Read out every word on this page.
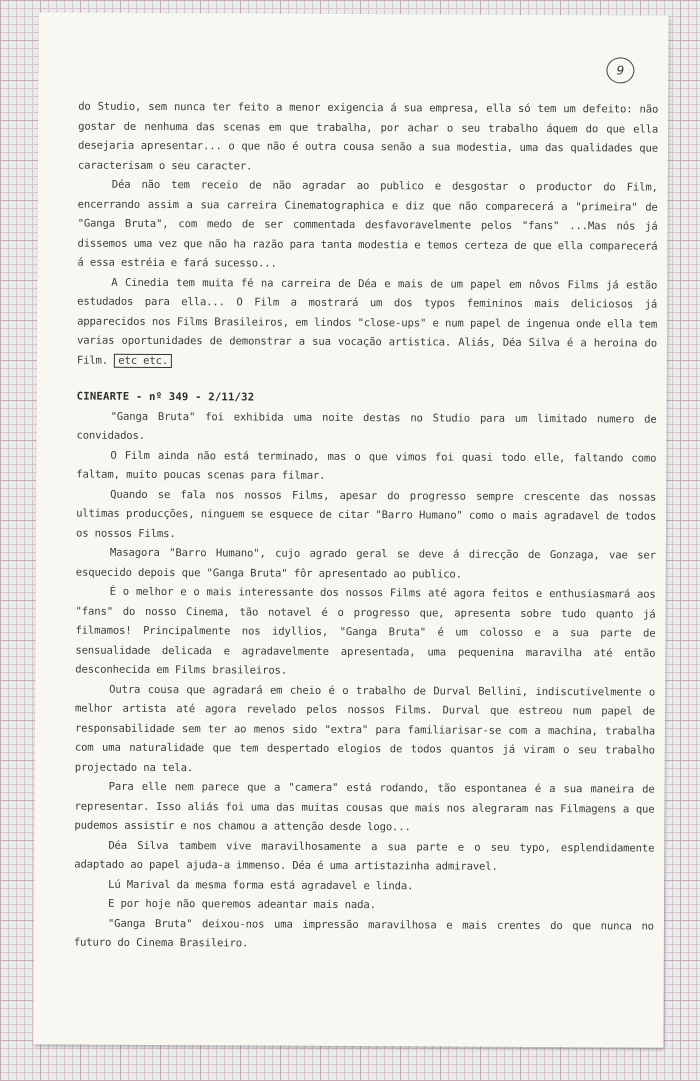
9

do Studio, sem nunca ter feito a menor exigencia á sua empresa, ella só tem um defeito: não gostar de nenhuma das scenas em que trabalha, por achar o seu trabalho áquem do que ella desejaria apresentar... o que não é outra cousa senão a sua modestia, uma das qualidades que caracterisam o seu caracter.

Déa não tem receio de não agradar ao publico e desgostar o productor do Film, encerrando assim a sua carreira Cinematographica e diz que não comparecerá a "primeira" de "Ganga Bruta", com medo de ser commentada desfavoravelmente pelos "fans" ...Mas nós já dissemos uma vez que não ha razão para tanta modestia e temos certeza de que ella comparecerá á essa estréia e fará sucesso...

A Cinedia tem muita fé na carreira de Déa e mais de um papel em nôvos Films já estão estudados para ella... O Film a mostrará um dos typos femininos mais deliciosos já apparecidos nos Films Brasileiros, em lindos "close-ups" e num papel de ingenua onde ella tem varias oportunidades de demonstrar a sua vocação artistica. Aliás, Déa Silva é a heroina do Film. etc etc.

CINEARTE - nº 349 - 2/11/32

"Ganga Bruta" foi exhibida uma noite destas no Studio para um limitado numero de convidados.

O Film ainda não está terminado, mas o que vimos foi quasi todo elle, faltando como faltam, muito poucas scenas para filmar.

Quando se fala nos nossos Films, apesar do progresso sempre crescente das nossas ultimas producções, ninguem se esquece de citar "Barro Humano" como o mais agradavel de todos os nossos Films.

Masagora "Barro Humano", cujo agrado geral se deve á direcção de Gonzaga, vae ser esquecido depois que "Ganga Bruta" fôr apresentado ao publico.

É o melhor e o mais interessante dos nossos Films até agora feitos e enthusiasmará aos "fans" do nosso Cinema, tão notavel é o progresso que, apresenta sobre tudo quanto já filmamos! Principalmente nos idyllios, "Ganga Bruta" é um colosso e a sua parte de sensualidade delicada e agradavelmente apresentada, uma pequenina maravilha até então desconhecida em Films brasileiros.

Outra cousa que agradará em cheio é o trabalho de Durval Bellini, indiscutivelmente o melhor artista até agora revelado pelos nossos Films. Durval que estreou num papel de responsabilidade sem ter ao menos sido "extra" para familiarisar-se com a machina, trabalha com uma naturalidade que tem despertado elogios de todos quantos já viram o seu trabalho projectado na tela.

Para elle nem parece que a "camera" está rodando, tão espontanea é a sua maneira de representar. Isso aliás foi uma das muitas cousas que mais nos alegraram nas Filmagens a que pudemos assistir e nos chamou a attenção desde logo...

Déa Silva tambem vive maravilhosamente a sua parte e o seu typo, esplendidamente adaptado ao papel ajuda-a immenso. Déa é uma artistazinha admiravel.

Lú Marival da mesma forma está agradavel e linda.

E por hoje não queremos adeantar mais nada.

"Ganga Bruta" deixou-nos uma impressão maravilhosa e mais crentes do que nunca no futuro do Cinema Brasileiro.
